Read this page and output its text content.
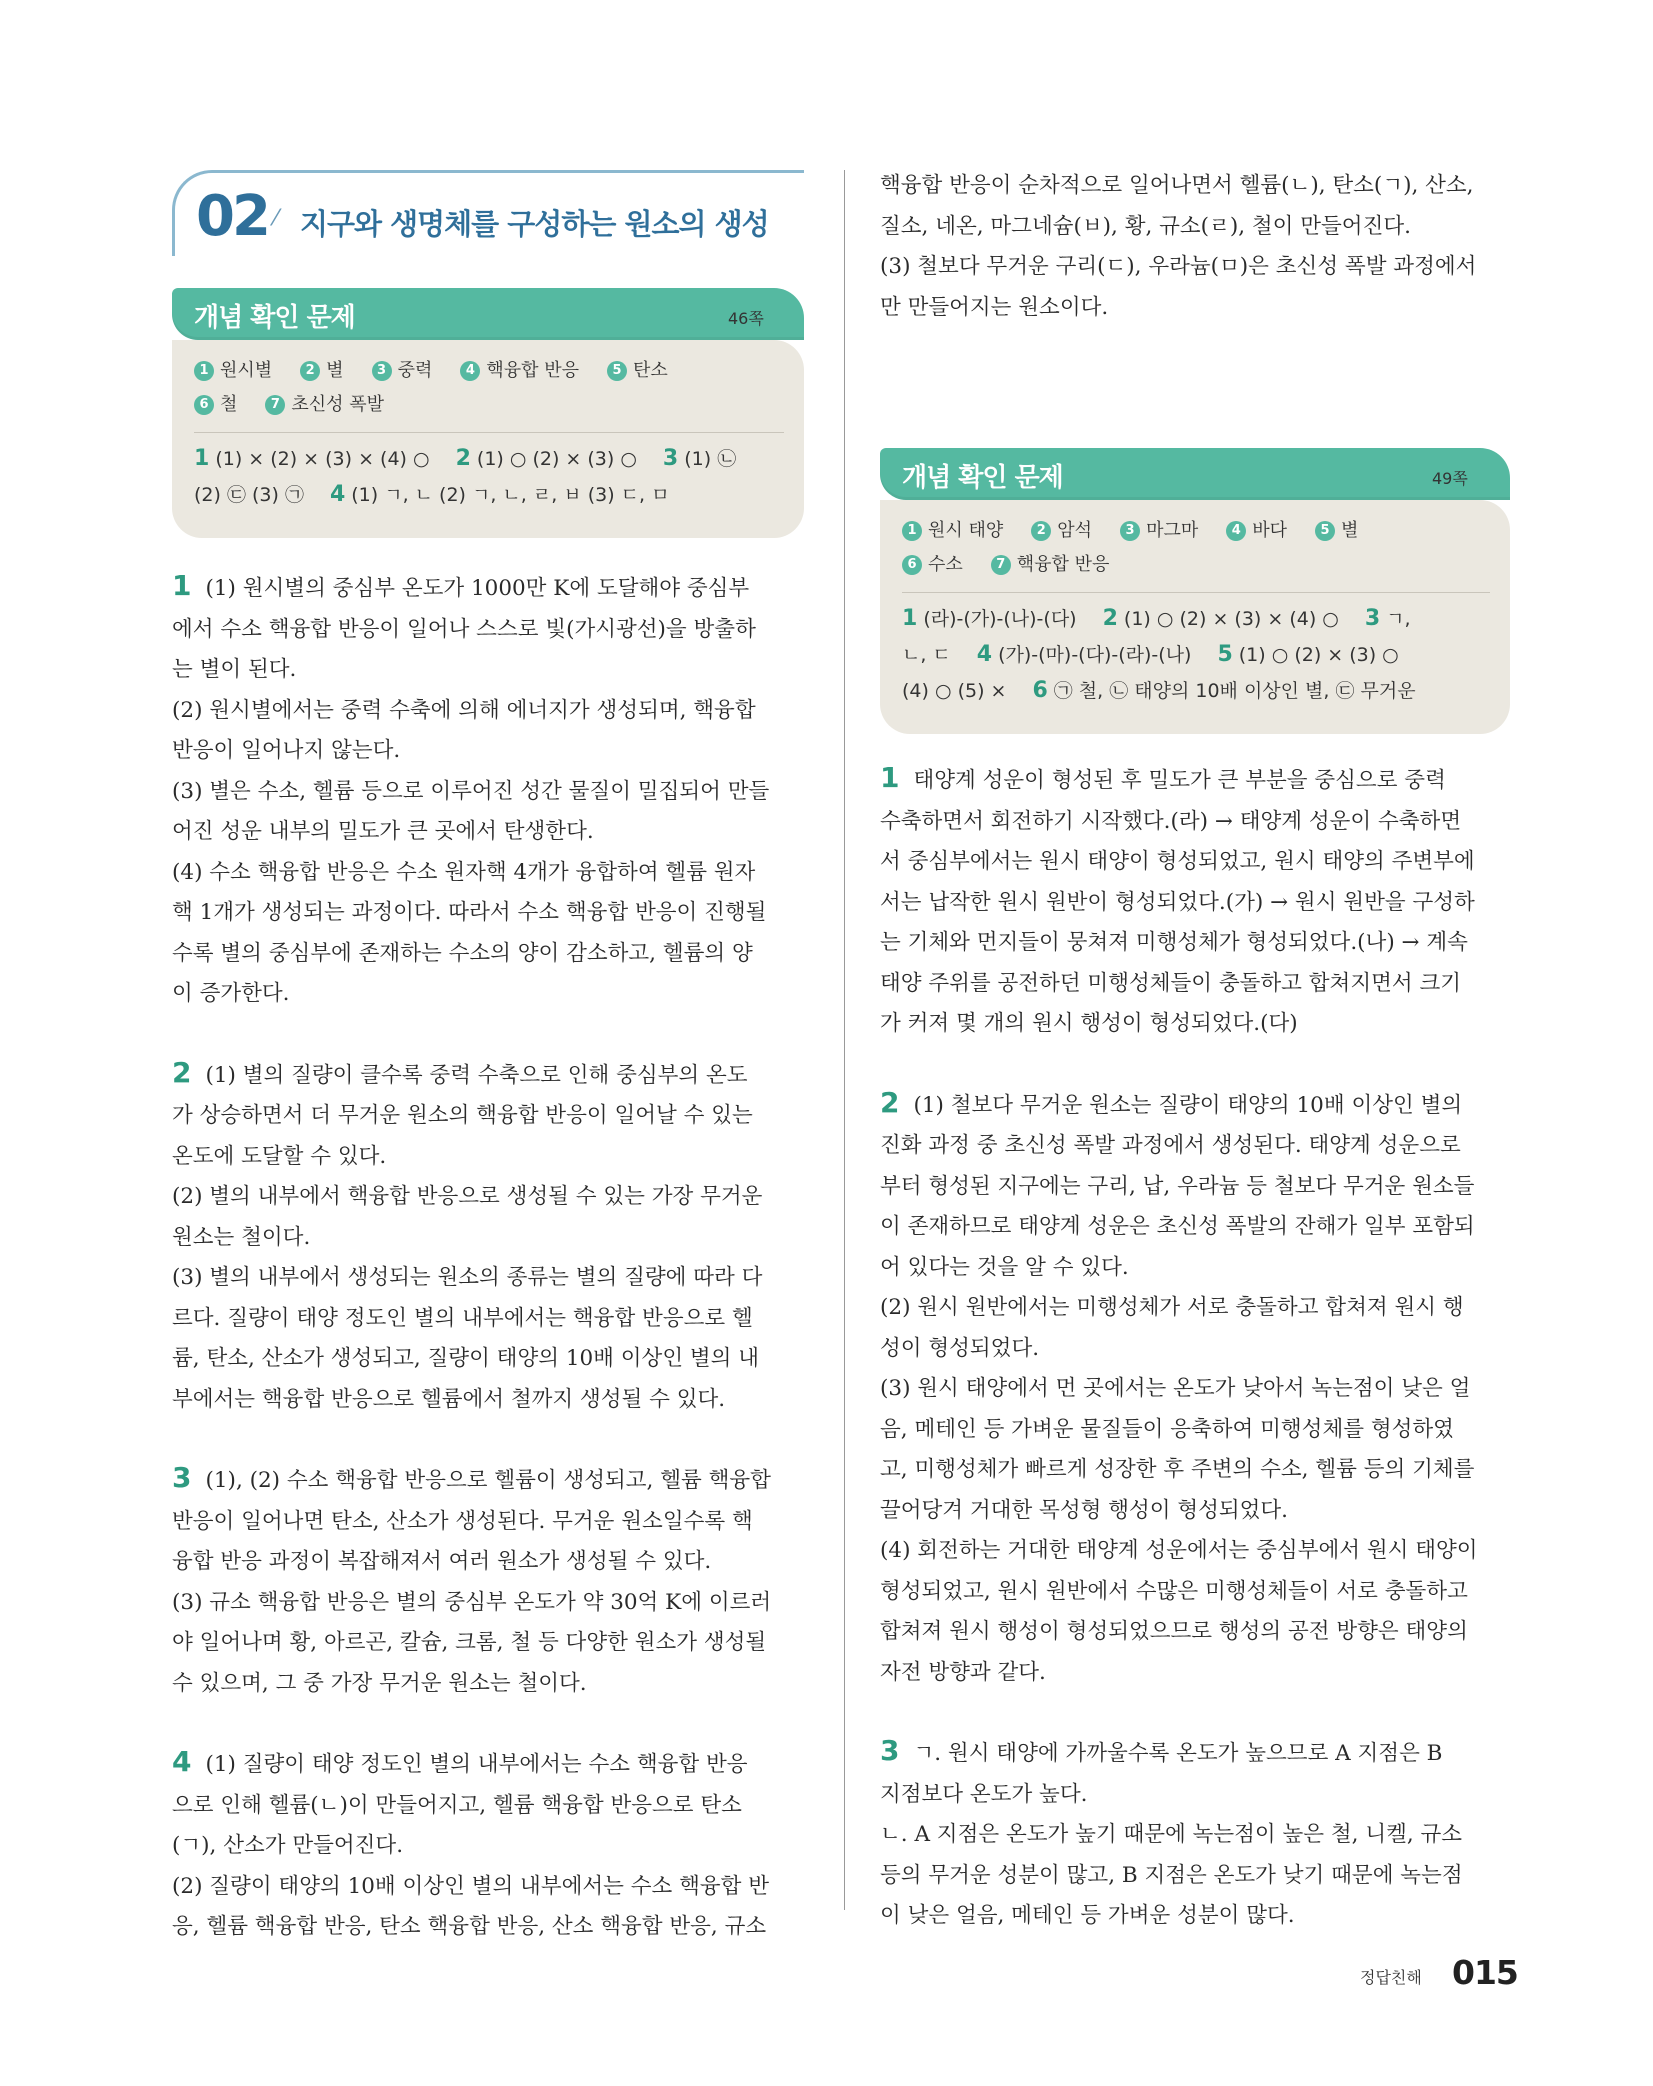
02 ⁄ 지구와 생명체를 구성하는 원소의 생성
1 원시별	2 별	3 중력	4 핵융합 반응	5 탄소
6 철	7 초신성 폭발
1 (1) × (2) × (3) × (4) ○ 2 (1) ○ (2) × (3) ○ 3 (1) ㉡
(2) ㉢ (3) ㉠ 4 (1) ㄱ, ㄴ (2) ㄱ, ㄴ, ㄹ, ㅂ (3) ㄷ, ㅁ
개념 확인 문제	46쪽
1 원시 태양	2 암석	3 마그마	4 바다	5 별
6 수소	7 핵융합 반응
1 (라)-(가)-(나)-(다) 2 (1) ○ (2) × (3) × (4) ○ 3 ㄱ,
ㄴ, ㄷ 4 (가)-(마)-(다)-(라)-(나) 5 (1) ○ (2) × (3) ○
(4) ○ (5) × 6 ㉠ 철, ㉡ 태양의 10배 이상인 별, ㉢ 무거운
개념 확인 문제	49쪽
1 (1) 원시별의 중심부 온도가 1000만 K에 도달해야 중심부
에서 수소 핵융합 반응이 일어나 스스로 빛(가시광선)을 방출하
는 별이 된다.
(2) 원시별에서는 중력 수축에 의해 에너지가 생성되며, 핵융합
반응이 일어나지 않는다.
(3) 별은 수소, 헬륨 등으로 이루어진 성간 물질이 밀집되어 만들
어진 성운 내부의 밀도가 큰 곳에서 탄생한다.
(4) 수소 핵융합 반응은 수소 원자핵 4개가 융합하여 헬륨 원자
핵 1개가 생성되는 과정이다. 따라서 수소 핵융합 반응이 진행될
수록 별의 중심부에 존재하는 수소의 양이 감소하고, 헬륨의 양
이 증가한다.
2 (1) 별의 질량이 클수록 중력 수축으로 인해 중심부의 온도
가 상승하면서 더 무거운 원소의 핵융합 반응이 일어날 수 있는
온도에 도달할 수 있다.
(2) 별의 내부에서 핵융합 반응으로 생성될 수 있는 가장 무거운
원소는 철이다.
(3) 별의 내부에서 생성되는 원소의 종류는 별의 질량에 따라 다
르다. 질량이 태양 정도인 별의 내부에서는 핵융합 반응으로 헬
륨, 탄소, 산소가 생성되고, 질량이 태양의 10배 이상인 별의 내
부에서는 핵융합 반응으로 헬륨에서 철까지 생성될 수 있다.
3 (1), (2) 수소 핵융합 반응으로 헬륨이 생성되고, 헬륨 핵융합
반응이 일어나면 탄소, 산소가 생성된다. 무거운 원소일수록 핵
융합 반응 과정이 복잡해져서 여러 원소가 생성될 수 있다.
(3) 규소 핵융합 반응은 별의 중심부 온도가 약 30억 K에 이르러
야 일어나며 황, 아르곤, 칼슘, 크롬, 철 등 다양한 원소가 생성될
수 있으며, 그 중 가장 무거운 원소는 철이다.
4 (1) 질량이 태양 정도인 별의 내부에서는 수소 핵융합 반응
으로 인해 헬륨(ㄴ)이 만들어지고, 헬륨 핵융합 반응으로 탄소
(ㄱ), 산소가 만들어진다.
(2) 질량이 태양의 10배 이상인 별의 내부에서는 수소 핵융합 반
응, 헬륨 핵융합 반응, 탄소 핵융합 반응, 산소 핵융합 반응, 규소
핵융합 반응이 순차적으로 일어나면서 헬륨(ㄴ), 탄소(ㄱ), 산소,
질소, 네온, 마그네슘(ㅂ), 황, 규소(ㄹ), 철이 만들어진다.
(3) 철보다 무거운 구리(ㄷ), 우라늄(ㅁ)은 초신성 폭발 과정에서
만 만들어지는 원소이다.
1 태양계 성운이 형성된 후 밀도가 큰 부분을 중심으로 중력
수축하면서 회전하기 시작했다.(라) → 태양계 성운이 수축하면
서 중심부에서는 원시 태양이 형성되었고, 원시 태양의 주변부에
서는 납작한 원시 원반이 형성되었다.(가) → 원시 원반을 구성하
는 기체와 먼지들이 뭉쳐져 미행성체가 형성되었다.(나) → 계속
태양 주위를 공전하던 미행성체들이 충돌하고 합쳐지면서 크기
가 커져 몇 개의 원시 행성이 형성되었다.(다)
2 (1) 철보다 무거운 원소는 질량이 태양의 10배 이상인 별의
진화 과정 중 초신성 폭발 과정에서 생성된다. 태양계 성운으로
부터 형성된 지구에는 구리, 납, 우라늄 등 철보다 무거운 원소들
이 존재하므로 태양계 성운은 초신성 폭발의 잔해가 일부 포함되
어 있다는 것을 알 수 있다.
(2) 원시 원반에서는 미행성체가 서로 충돌하고 합쳐져 원시 행
성이 형성되었다.
(3) 원시 태양에서 먼 곳에서는 온도가 낮아서 녹는점이 낮은 얼
음, 메테인 등 가벼운 물질들이 응축하여 미행성체를 형성하였
고, 미행성체가 빠르게 성장한 후 주변의 수소, 헬륨 등의 기체를
끌어당겨 거대한 목성형 행성이 형성되었다.
(4) 회전하는 거대한 태양계 성운에서는 중심부에서 원시 태양이
형성되었고, 원시 원반에서 수많은 미행성체들이 서로 충돌하고
합쳐져 원시 행성이 형성되었으므로 행성의 공전 방향은 태양의
자전 방향과 같다.
3 ㄱ. 원시 태양에 가까울수록 온도가 높으므로 A 지점은 B
지점보다 온도가 높다.
ㄴ. A 지점은 온도가 높기 때문에 녹는점이 높은 철, 니켈, 규소
등의 무거운 성분이 많고, B 지점은 온도가 낮기 때문에 녹는점
이 낮은 얼음, 메테인 등 가벼운 성분이 많다.
정답친해 015
